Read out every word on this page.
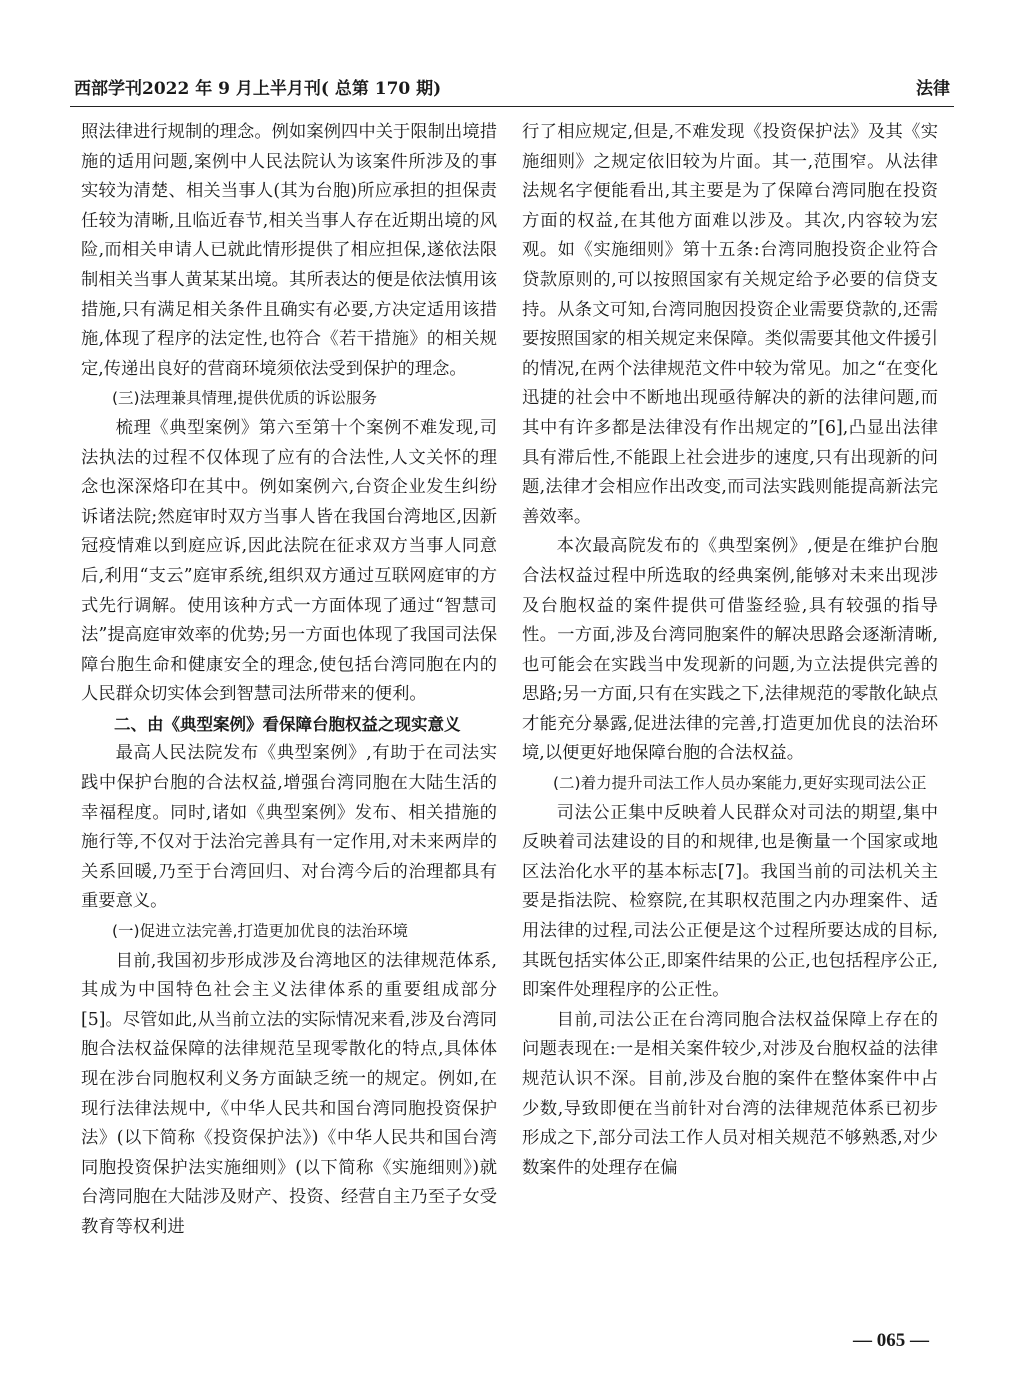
西部学刊2022 年 9 月上半月刊( 总第 170 期)	法律

照法律进行规制的理念。例如案例四中关于限制出境措施的适用问题,案例中人民法院认为该案件所涉及的事实较为清楚、相关当事人(其为台胞)所应承担的担保责任较为清晰,且临近春节,相关当事人存在近期出境的风险,而相关申请人已就此情形提供了相应担保,遂依法限制相关当事人黄某某出境。其所表达的便是依法慎用该措施,只有满足相关条件且确实有必要,方决定适用该措施,体现了程序的法定性,也符合《若干措施》的相关规定,传递出良好的营商环境须依法受到保护的理念。

(三)法理兼具情理,提供优质的诉讼服务

梳理《典型案例》第六至第十个案例不难发现,司法执法的过程不仅体现了应有的合法性,人文关怀的理念也深深烙印在其中。例如案例六,台资企业发生纠纷诉诸法院;然庭审时双方当事人皆在我国台湾地区,因新冠疫情难以到庭应诉,因此法院在征求双方当事人同意后,利用“支云”庭审系统,组织双方通过互联网庭审的方式先行调解。使用该种方式一方面体现了通过“智慧司法”提高庭审效率的优势;另一方面也体现了我国司法保障台胞生命和健康安全的理念,使包括台湾同胞在内的人民群众切实体会到智慧司法所带来的便利。

二、由《典型案例》看保障台胞权益之现实意义

最高人民法院发布《典型案例》,有助于在司法实践中保护台胞的合法权益,增强台湾同胞在大陆生活的幸福程度。同时,诸如《典型案例》发布、相关措施的施行等,不仅对于法治完善具有一定作用,对未来两岸的关系回暖,乃至于台湾回归、对台湾今后的治理都具有重要意义。

(一)促进立法完善,打造更加优良的法治环境

目前,我国初步形成涉及台湾地区的法律规范体系,其成为中国特色社会主义法律体系的重要组成部分[5]。尽管如此,从当前立法的实际情况来看,涉及台湾同胞合法权益保障的法律规范呈现零散化的特点,具体体现在涉台同胞权利义务方面缺乏统一的规定。例如,在现行法律法规中,《中华人民共和国台湾同胞投资保护法》(以下简称《投资保护法》)《中华人民共和国台湾同胞投资保护法实施细则》(以下简称《实施细则》)就台湾同胞在大陆涉及财产、投资、经营自主乃至子女受教育等权利进

行了相应规定,但是,不难发现《投资保护法》及其《实施细则》之规定依旧较为片面。其一,范围窄。从法律法规名字便能看出,其主要是为了保障台湾同胞在投资方面的权益,在其他方面难以涉及。其次,内容较为宏观。如《实施细则》第十五条:台湾同胞投资企业符合贷款原则的,可以按照国家有关规定给予必要的信贷支持。从条文可知,台湾同胞因投资企业需要贷款的,还需要按照国家的相关规定来保障。类似需要其他文件援引的情况,在两个法律规范文件中较为常见。加之“在变化迅捷的社会中不断地出现亟待解决的新的法律问题,而其中有许多都是法律没有作出规定的”[6],凸显出法律具有滞后性,不能跟上社会进步的速度,只有出现新的问题,法律才会相应作出改变,而司法实践则能提高新法完善效率。

本次最高院发布的《典型案例》,便是在维护台胞合法权益过程中所选取的经典案例,能够对未来出现涉及台胞权益的案件提供可借鉴经验,具有较强的指导性。一方面,涉及台湾同胞案件的解决思路会逐渐清晰,也可能会在实践当中发现新的问题,为立法提供完善的思路;另一方面,只有在实践之下,法律规范的零散化缺点才能充分暴露,促进法律的完善,打造更加优良的法治环境,以便更好地保障台胞的合法权益。

(二)着力提升司法工作人员办案能力,更好实现司法公正

司法公正集中反映着人民群众对司法的期望,集中反映着司法建设的目的和规律,也是衡量一个国家或地区法治化水平的基本标志[7]。我国当前的司法机关主要是指法院、检察院,在其职权范围之内办理案件、适用法律的过程,司法公正便是这个过程所要达成的目标,其既包括实体公正,即案件结果的公正,也包括程序公正,即案件处理程序的公正性。

目前,司法公正在台湾同胞合法权益保障上存在的问题表现在:一是相关案件较少,对涉及台胞权益的法律规范认识不深。目前,涉及台胞的案件在整体案件中占少数,导致即便在当前针对台湾的法律规范体系已初步形成之下,部分司法工作人员对相关规范不够熟悉,对少数案件的处理存在偏

— 065 —
